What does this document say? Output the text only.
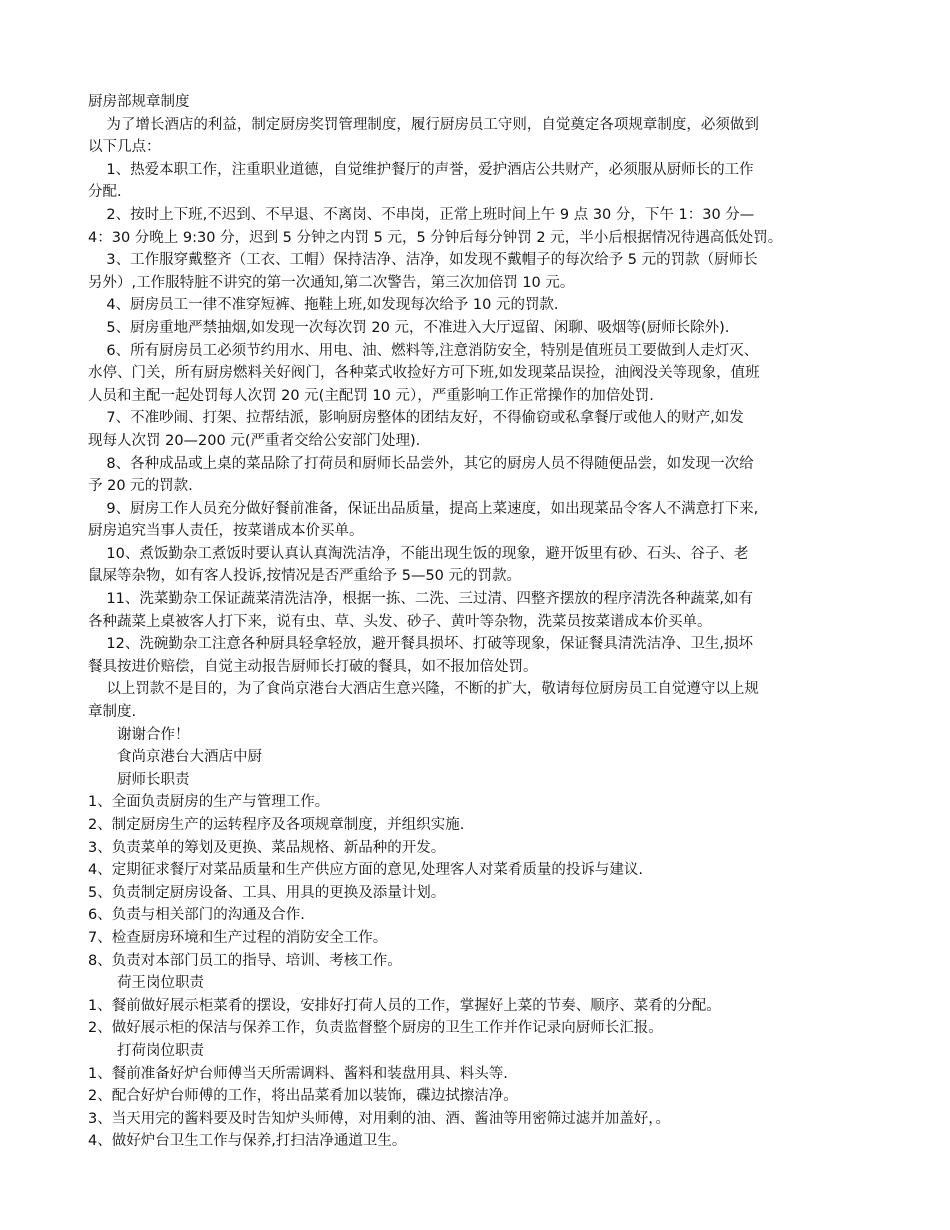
厨房部规章制度
为了增长酒店的利益，制定厨房奖罚管理制度，履行厨房员工守则，自觉奠定各项规章制度，必须做到
以下几点：
1、热爱本职工作，注重职业道德，自觉维护餐厅的声誉，爱护酒店公共财产，必须服从厨师长的工作
分配.
2、按时上下班,不迟到、不早退、不离岗、不串岗，正常上班时间上午 9 点 30 分，下午 1：30 分—
4：30 分晚上 9:30 分，迟到 5 分钟之内罚 5 元，5 分钟后每分钟罚 2 元，半小后根据情况待遇高低处罚。
3、工作服穿戴整齐（工衣、工帽）保持洁净、洁净，如发现不戴帽子的每次给予 5 元的罚款（厨师长
另外）,工作服特脏不讲究的第一次通知,第二次警告，第三次加倍罚 10 元。
4、厨房员工一律不准穿短裤、拖鞋上班,如发现每次给予 10 元的罚款.
5、厨房重地严禁抽烟,如发现一次每次罚 20 元，不准进入大厅逗留、闲聊、吸烟等(厨师长除外).
6、所有厨房员工必须节约用水、用电、油、燃料等,注意消防安全，特别是值班员工要做到人走灯灭、
水停、门关，所有厨房燃料关好阀门，各种菜式收捡好方可下班,如发现菜品误捡，油阀没关等现象，值班
人员和主配一起处罚每人次罚 20 元(主配罚 10 元），严重影响工作正常操作的加倍处罚.
7、不准吵闹、打架、拉帮结派，影响厨房整体的团结友好，不得偷窃或私拿餐厅或他人的财产,如发
现每人次罚 20—200 元(严重者交给公安部门处理).
8、各种成品或上桌的菜品除了打荷员和厨师长品尝外，其它的厨房人员不得随便品尝，如发现一次给
予 20 元的罚款.
9、厨房工作人员充分做好餐前准备，保证出品质量，提高上菜速度，如出现菜品令客人不满意打下来,
厨房追究当事人责任，按菜谱成本价买单。
10、煮饭勤杂工煮饭时要认真认真淘洗洁净，不能出现生饭的现象，避开饭里有砂、石头、谷子、老
鼠屎等杂物，如有客人投诉,按情况是否严重给予 5—50 元的罚款。
11、洗菜勤杂工保证蔬菜清洗洁净，根据一拣、二洗、三过清、四整齐摆放的程序清洗各种蔬菜,如有
各种蔬菜上桌被客人打下来，说有虫、草、头发、砂子、黄叶等杂物，洗菜员按菜谱成本价买单。
12、洗碗勤杂工注意各种厨具轻拿轻放，避开餐具损坏、打破等现象，保证餐具清洗洁净、卫生,损坏
餐具按进价赔偿，自觉主动报告厨师长打破的餐具，如不报加倍处罚。
以上罚款不是目的，为了食尚京港台大酒店生意兴隆，不断的扩大，敬请每位厨房员工自觉遵守以上规
章制度.
谢谢合作！
食尚京港台大酒店中厨
厨师长职责
1、全面负责厨房的生产与管理工作。
2、制定厨房生产的运转程序及各项规章制度，并组织实施.
3、负责菜单的筹划及更换、菜品规格、新品种的开发。
4、定期征求餐厅对菜品质量和生产供应方面的意见,处理客人对菜肴质量的投诉与建议.
5、负责制定厨房设备、工具、用具的更换及添量计划。
6、负责与相关部门的沟通及合作.
7、检查厨房环境和生产过程的消防安全工作。
8、负责对本部门员工的指导、培训、考核工作。
荷王岗位职责
1、餐前做好展示柜菜肴的摆设，安排好打荷人员的工作，掌握好上菜的节奏、顺序、菜肴的分配。
2、做好展示柜的保洁与保养工作，负责监督整个厨房的卫生工作并作记录向厨师长汇报。
打荷岗位职责
1、餐前准备好炉台师傅当天所需调料、酱料和装盘用具、料头等.
2、配合好炉台师傅的工作，将出品菜肴加以装饰，碟边拭擦洁净。
3、当天用完的酱料要及时告知炉头师傅，对用剩的油、酒、酱油等用密筛过滤并加盖好，。
4、做好炉台卫生工作与保养,打扫洁净通道卫生。
